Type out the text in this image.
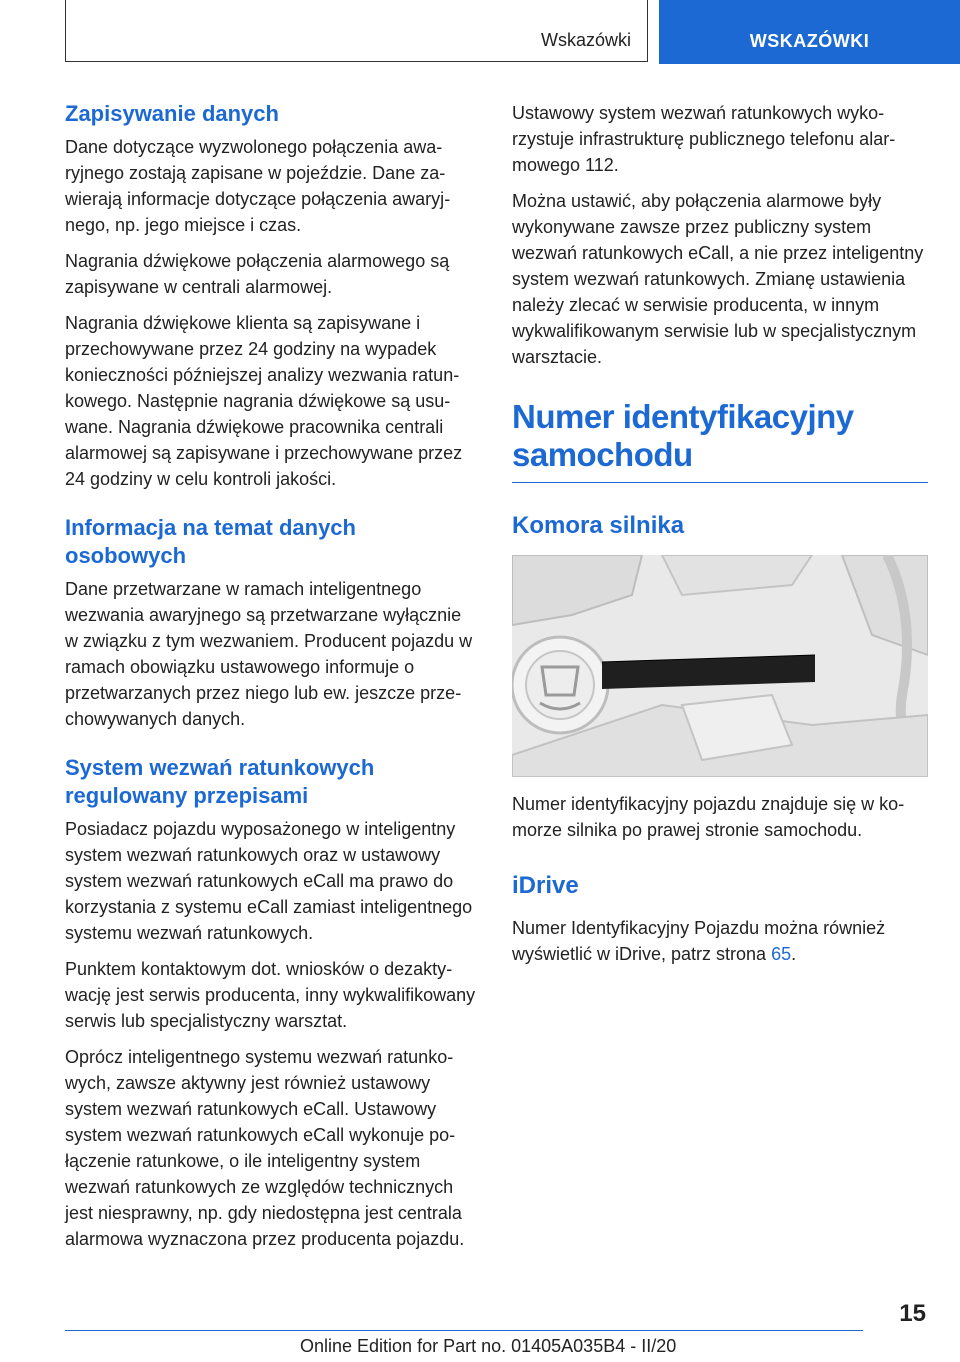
Wskazówki	WSKAZÓWKI
Zapisywanie danych

Dane dotyczące wyzwolonego połączenia awaryjnego zostają zapisane w pojeździe. Dane zawierają informacje dotyczące połączenia awaryjnego, np. jego miejsce i czas.

Nagrania dźwiękowe połączenia alarmowego są zapisywane w centrali alarmowej.

Nagrania dźwiękowe klienta są zapisywane i przechowywane przez 24 godziny na wypadek konieczności późniejszej analizy wezwania ratunkowego. Następnie nagrania dźwiękowe są usuwane. Nagrania dźwiękowe pracownika centrali alarmowej są zapisywane i przechowywane przez 24 godziny w celu kontroli jakości.

Informacja na temat danych osobowych

Dane przetwarzane w ramach inteligentnego wezwania awaryjnego są przetwarzane wyłącznie w związku z tym wezwaniem. Producent pojazdu w ramach obowiązku ustawowego informuje o przetwarzanych przez niego lub ew. jeszcze przechowywanych danych.

System wezwań ratunkowych regulowany przepisami

Posiadacz pojazdu wyposażonego w inteligentny system wezwań ratunkowych oraz w ustawowy system wezwań ratunkowych eCall ma prawo do korzystania z systemu eCall zamiast inteligentnego systemu wezwań ratunkowych.

Punktem kontaktowym dot. wniosków o dezaktywację jest serwis producenta, inny wykwalifikowany serwis lub specjalistyczny warsztat.

Oprócz inteligentnego systemu wezwań ratunkowych, zawsze aktywny jest również ustawowy system wezwań ratunkowych eCall. Ustawowy system wezwań ratunkowych eCall wykonuje połączenie ratunkowe, o ile inteligentny system wezwań ratunkowych ze względów technicznych jest niesprawny, np. gdy niedostępna jest centrala alarmowa wyznaczona przez producenta pojazdu.

Ustawowy system wezwań ratunkowych wykorzystuje infrastrukturę publicznego telefonu alarmowego 112.

Można ustawić, aby połączenia alarmowe były wykonywane zawsze przez publiczny system wezwań ratunkowych eCall, a nie przez inteligentny system wezwań ratunkowych. Zmianę ustawienia należy zlecać w serwisie producenta, w innym wykwalifikowanym serwisie lub w specjalistycznym warsztacie.

Numer identyfikacyjny samochodu
Komora silnika

Numer identyfikacyjny pojazdu znajduje się w komorze silnika po prawej stronie samochodu.

iDrive

Numer Identyfikacyjny Pojazdu można również wyświetlić w iDrive, patrz strona 65.

15
Online Edition for Part no. 01405A035B4 - II/20
